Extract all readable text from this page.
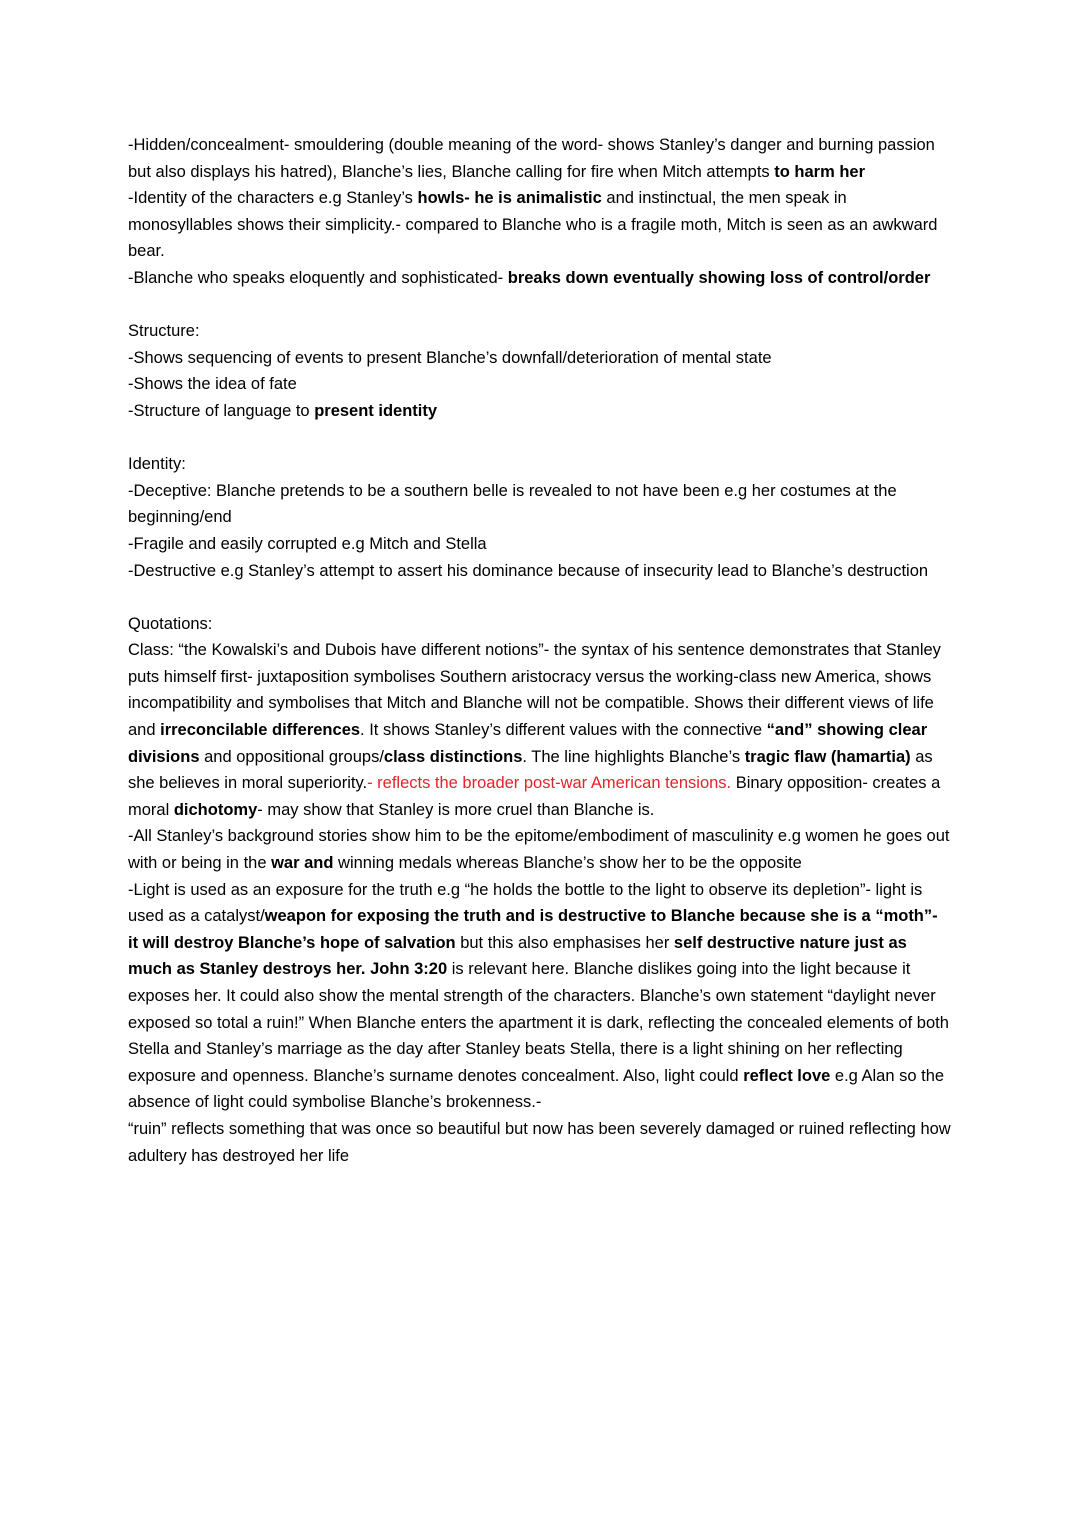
-Hidden/concealment- smouldering (double meaning of the word- shows Stanley’s danger and burning passion but also displays his hatred), Blanche’s lies, Blanche calling for fire when Mitch attempts to harm her
-Identity of the characters e.g Stanley’s howls- he is animalistic and instinctual, the men speak in monosyllables shows their simplicity.- compared to Blanche who is a fragile moth, Mitch is seen as an awkward bear.
-Blanche who speaks eloquently and sophisticated- breaks down eventually showing loss of control/order
Structure:
-Shows sequencing of events to present Blanche’s downfall/deterioration of mental state
-Shows the idea of fate
-Structure of language to present identity
Identity:
-Deceptive: Blanche pretends to be a southern belle is revealed to not have been e.g her costumes at the beginning/end
-Fragile and easily corrupted e.g Mitch and Stella
-Destructive e.g Stanley’s attempt to assert his dominance because of insecurity lead to Blanche’s destruction
Quotations:
Class: “the Kowalski’s and Dubois have different notions”- the syntax of his sentence demonstrates that Stanley puts himself first- juxtaposition symbolises Southern aristocracy versus the working-class new America, shows incompatibility and symbolises that Mitch and Blanche will not be compatible. Shows their different views of life and irreconcilable differences. It shows Stanley’s different values with the connective “and” showing clear divisions and oppositional groups/class distinctions. The line highlights Blanche’s tragic flaw (hamartia) as she believes in moral superiority.- reflects the broader post-war American tensions. Binary opposition- creates a moral dichotomy- may show that Stanley is more cruel than Blanche is.
-All Stanley’s background stories show him to be the epitome/embodiment of masculinity e.g women he goes out with or being in the war and winning medals whereas Blanche’s show her to be the opposite
-Light is used as an exposure for the truth e.g “he holds the bottle to the light to observe its depletion”- light is used as a catalyst/weapon for exposing the truth and is destructive to Blanche because she is a “moth”- it will destroy Blanche’s hope of salvation but this also emphasises her self destructive nature just as much as Stanley destroys her. John 3:20 is relevant here. Blanche dislikes going into the light because it exposes her. It could also show the mental strength of the characters. Blanche’s own statement “daylight never exposed so total a ruin!” When Blanche enters the apartment it is dark, reflecting the concealed elements of both Stella and Stanley’s marriage as the day after Stanley beats Stella, there is a light shining on her reflecting exposure and openness. Blanche’s surname denotes concealment. Also, light could reflect love e.g Alan so the absence of light could symbolise Blanche’s brokenness.-
“ruin” reflects something that was once so beautiful but now has been severely damaged or ruined reflecting how adultery has destroyed her life
